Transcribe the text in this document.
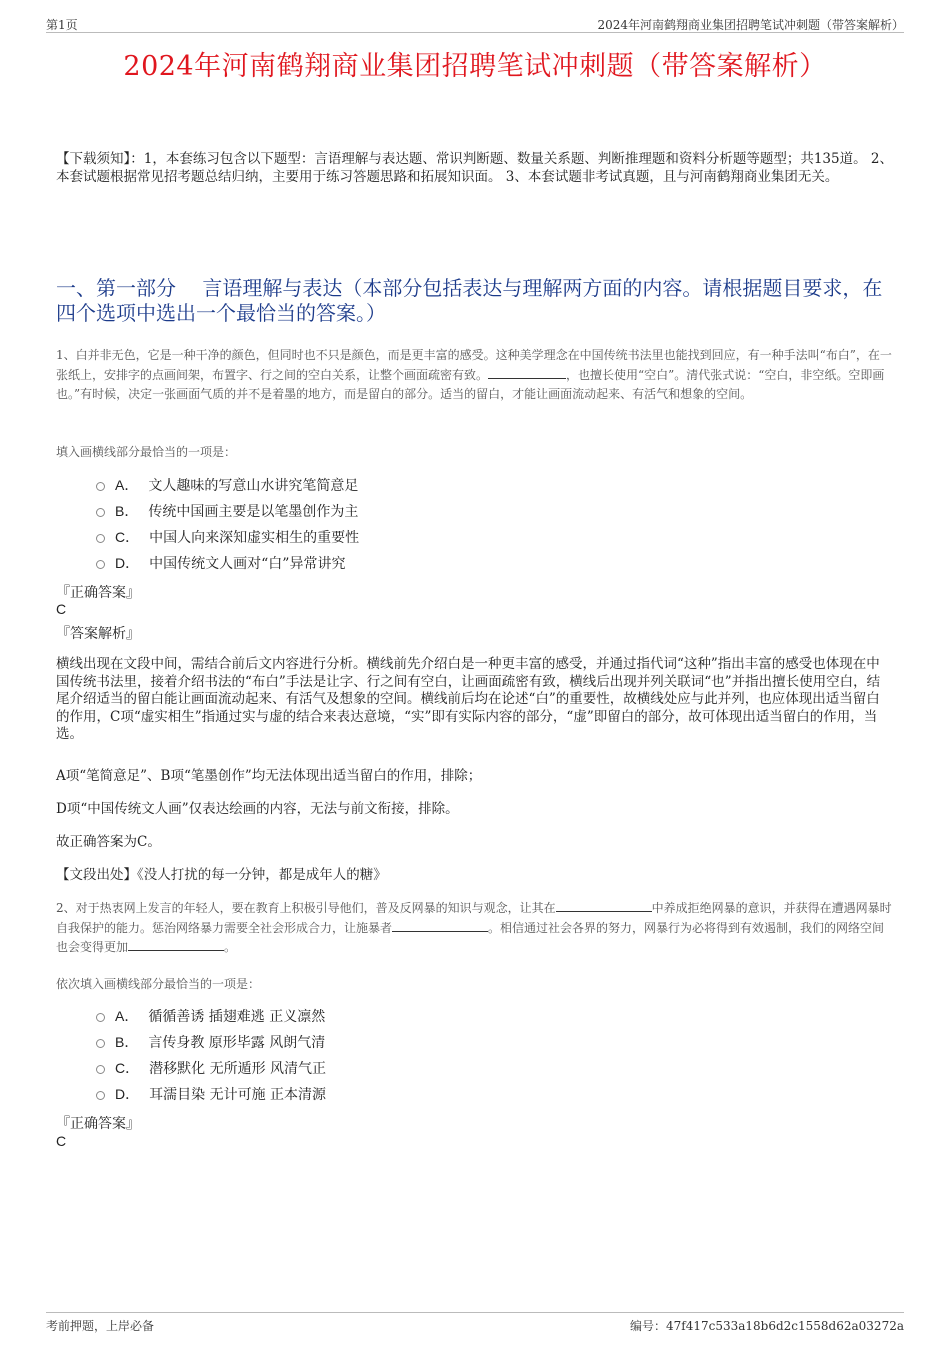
第1页	2024年河南鹤翔商业集团招聘笔试冲刺题（带答案解析）
2024年河南鹤翔商业集团招聘笔试冲刺题（带答案解析）
【下载须知】：1，本套练习包含以下题型：言语理解与表达题、常识判断题、数量关系题、判断推理题和资料分析题等题型；共135道。 2、本套试题根据常见招考题总结归纳，主要用于练习答题思路和拓展知识面。 3、本套试题非考试真题，且与河南鹤翔商业集团无关。
一、第一部分　 言语理解与表达（本部分包括表达与理解两方面的内容。请根据题目要求，在四个选项中选出一个最恰当的答案。）
1、白并非无色，它是一种干净的颜色，但同时也不只是颜色，而是更丰富的感受。这种美学理念在中国传统书法里也能找到回应，有一种手法叫“布白”，在一张纸上，安排字的点画间架，布置字、行之间的空白关系，让整个画面疏密有致。	，也擅长使用“空白”。清代张式说：“空白，非空纸。空即画也。”有时候，决定一张画面气质的并不是着墨的地方，而是留白的部分。适当的留白，才能让画面流动起来、有活气和想象的空间。
填入画横线部分最恰当的一项是：
A． 文人趣味的写意山水讲究笔简意足
B． 传统中国画主要是以笔墨创作为主
C． 中国人向来深知虚实相生的重要性
D． 中国传统文人画对“白”异常讲究
『正确答案』
C
『答案解析』
横线出现在文段中间，需结合前后文内容进行分析。横线前先介绍白是一种更丰富的感受，并通过指代词“这种”指出丰富的感受也体现在中国传统书法里，接着介绍书法的“布白”手法是让字、行之间有空白，让画面疏密有致，横线后出现并列关联词“也”并指出擅长使用空白，结尾介绍适当的留白能让画面流动起来、有活气及想象的空间。横线前后均在论述“白”的重要性，故横线处应与此并列，也应体现出适当留白的作用，C项“虚实相生”指通过实与虚的结合来表达意境，“实”即有实际内容的部分，“虚”即留白的部分，故可体现出适当留白的作用，当选。
A项“笔简意足”、B项“笔墨创作”均无法体现出适当留白的作用，排除；
D项“中国传统文人画”仅表达绘画的内容，无法与前文衔接，排除。
故正确答案为C。
【文段出处】《没人打扰的每一分钟，都是成年人的糖》
2、对于热衷网上发言的年轻人，要在教育上积极引导他们，普及反网暴的知识与观念，让其在	中养成拒绝网暴的意识，并获得在遭遇网暴时自我保护的能力。惩治网络暴力需要全社会形成合力，让施暴者	。相信通过社会各界的努力，网暴行为必将得到有效遏制，我们的网络空间也会变得更加	。
依次填入画横线部分最恰当的一项是：
A． 循循善诱 插翅难逃 正义凛然
B． 言传身教 原形毕露 风朗气清
C． 潜移默化 无所遁形 风清气正
D． 耳濡目染 无计可施 正本清源
『正确答案』
C
考前押题，上岸必备	编号：47f417c533a18b6d2c1558d62a03272a
